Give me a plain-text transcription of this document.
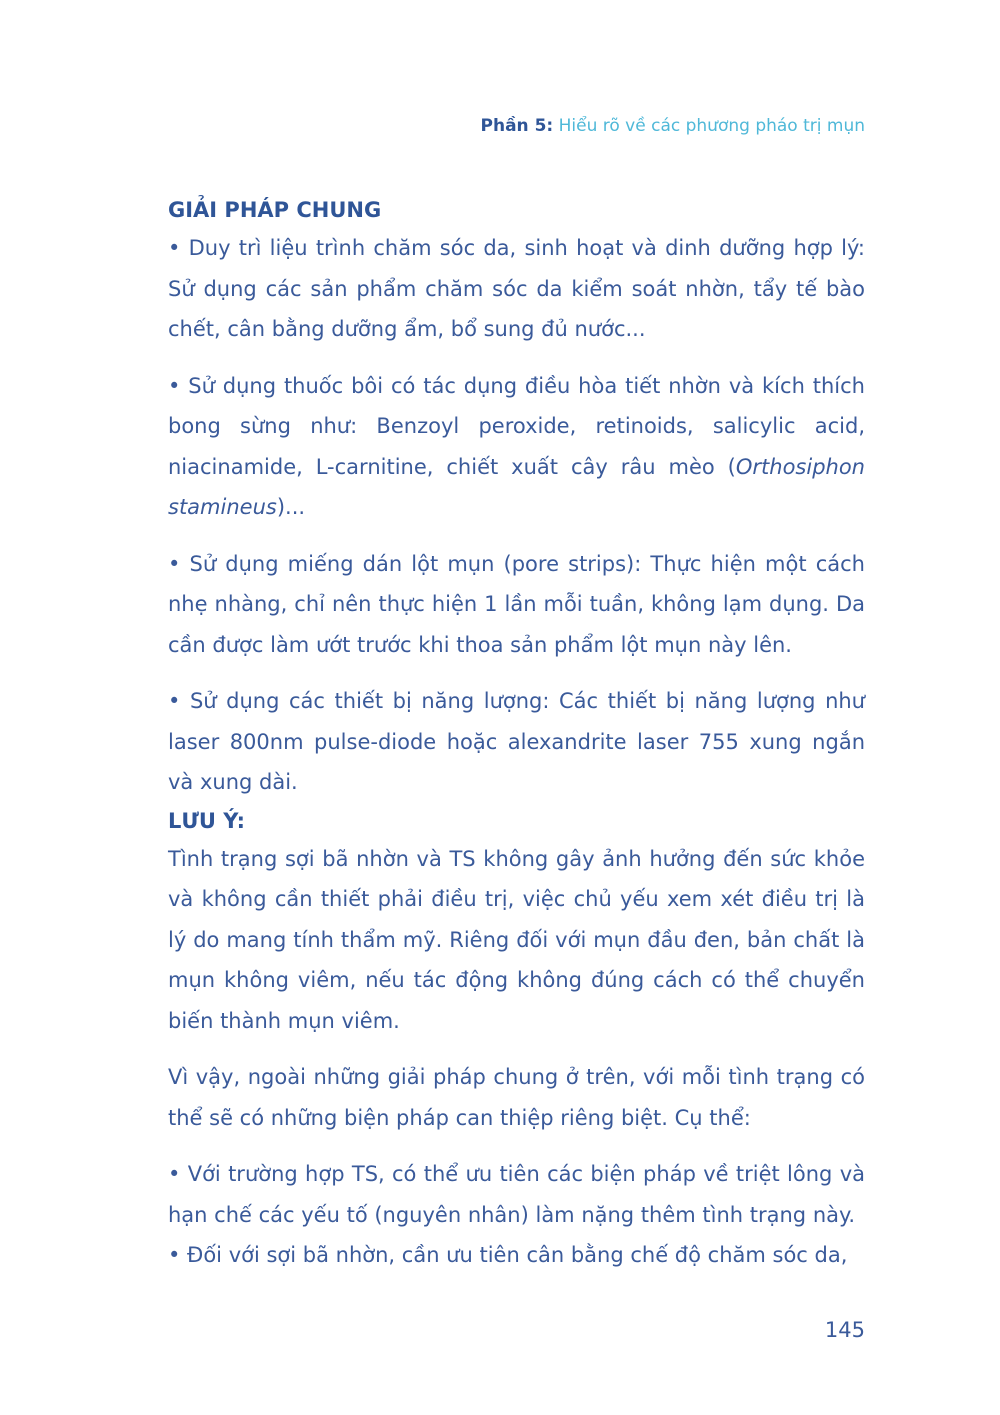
Phần 5: Hiểu rõ về các phương pháo trị mụn

GIẢI PHÁP CHUNG

• Duy trì liệu trình chăm sóc da, sinh hoạt và dinh dưỡng hợp lý: Sử dụng các sản phẩm chăm sóc da kiểm soát nhờn, tẩy tế bào chết, cân bằng dưỡng ẩm, bổ sung đủ nước...

• Sử dụng thuốc bôi có tác dụng điều hòa tiết nhờn và kích thích bong sừng như: Benzoyl peroxide, retinoids, salicylic acid, niacinamide, L-carnitine, chiết xuất cây râu mèo (Orthosiphon stamineus)...

• Sử dụng miếng dán lột mụn (pore strips): Thực hiện một cách nhẹ nhàng, chỉ nên thực hiện 1 lần mỗi tuần, không lạm dụng. Da cần được làm ướt trước khi thoa sản phẩm lột mụn này lên.

• Sử dụng các thiết bị năng lượng: Các thiết bị năng lượng như laser 800nm pulse-diode hoặc alexandrite laser 755 xung ngắn và xung dài.

LƯU Ý:

Tình trạng sợi bã nhờn và TS không gây ảnh hưởng đến sức khỏe và không cần thiết phải điều trị, việc chủ yếu xem xét điều trị là lý do mang tính thẩm mỹ. Riêng đối với mụn đầu đen, bản chất là mụn không viêm, nếu tác động không đúng cách có thể chuyển biến thành mụn viêm.

Vì vậy, ngoài những giải pháp chung ở trên, với mỗi tình trạng có thể sẽ có những biện pháp can thiệp riêng biệt. Cụ thể:

• Với trường hợp TS, có thể ưu tiên các biện pháp về triệt lông và hạn chế các yếu tố (nguyên nhân) làm nặng thêm tình trạng này.

• Đối với sợi bã nhờn, cần ưu tiên cân bằng chế độ chăm sóc da,

145
